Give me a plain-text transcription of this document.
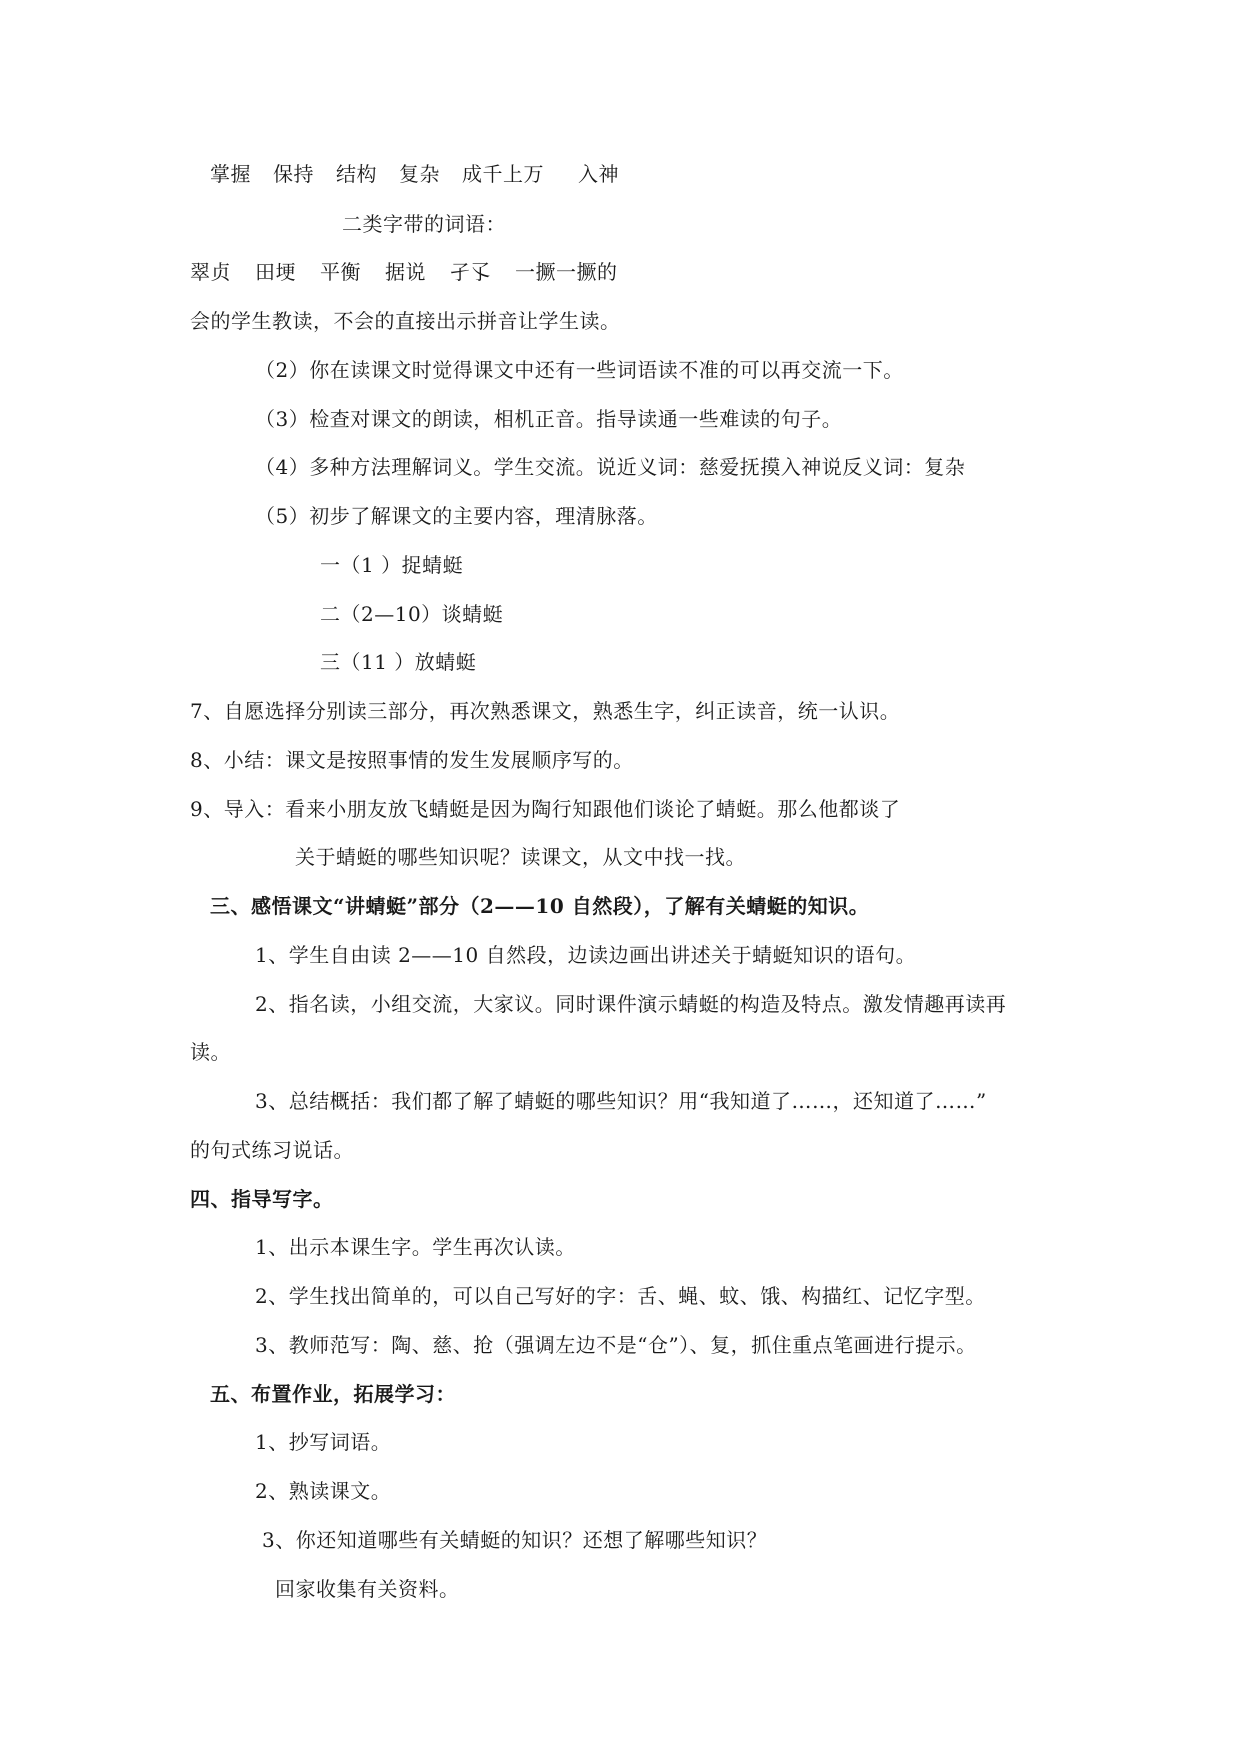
掌握 保持 结构 复杂 成千上万 入神
二类字带的词语：
翠贞 田埂 平衡 据说 孑孓 一撅一撅的
会的学生教读，不会的直接出示拼音让学生读。
（2）你在读课文时觉得课文中还有一些词语读不准的可以再交流一下。
（3）检查对课文的朗读，相机正音。指导读通一些难读的句子。
（4）多种方法理解词义。学生交流。说近义词：慈爱抚摸入神说反义词：复杂
（5）初步了解课文的主要内容，理清脉落。
一（1 ）捉蜻蜓
二（2—10）谈蜻蜓
三（11 ）放蜻蜓
7、自愿选择分别读三部分，再次熟悉课文，熟悉生字，纠正读音，统一认识。
8、小结：课文是按照事情的发生发展顺序写的。
9、导入：看来小朋友放飞蜻蜓是因为陶行知跟他们谈论了蜻蜓。那么他都谈了
关于蜻蜓的哪些知识呢？读课文，从文中找一找。
三、感悟课文“讲蜻蜓”部分（2——10 自然段），了解有关蜻蜓的知识。
1、学生自由读 2——10 自然段，边读边画出讲述关于蜻蜓知识的语句。
2、指名读，小组交流，大家议。同时课件演示蜻蜓的构造及特点。激发情趣再读再
读。
3、总结概括：我们都了解了蜻蜓的哪些知识？用“我知道了……，还知道了……”
的句式练习说话。
四、指导写字。
1、出示本课生字。学生再次认读。
2、学生找出简单的，可以自己写好的字：舌、蝇、蚊、饿、构描红、记忆字型。
3、教师范写：陶、慈、抢（强调左边不是“仓”）、复，抓住重点笔画进行提示。
五、布置作业，拓展学习：
1、抄写词语。
2、熟读课文。
3、你还知道哪些有关蜻蜓的知识？还想了解哪些知识？
回家收集有关资料。
